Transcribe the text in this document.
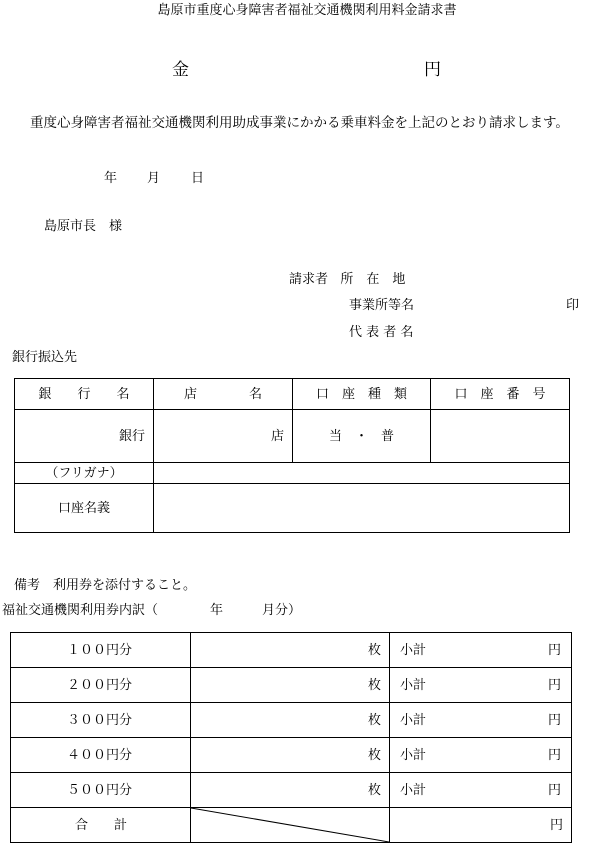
島原市重度心身障害者福祉交通機関利用料金請求書
金	円
重度心身障害者福祉交通機関利用助成事業にかかる乗車料金を上記のとおり請求します。
年 月 日
島原市長　様
請求者 所　在　地
事業所等名	印
代 表 者 名
銀行振込先
銀　　行　　名	店　　　　名	口　座　種　類	口　座　番　号
銀行	店	当　・　普	
（フリガナ）			
口座名義			
備考　利用券を添付すること。
福祉交通機関利用券内訳（　　　　年　　　月分）
１００円分	枚	小計 円

２００円分	枚	小計 円

３００円分	枚	小計 円

４００円分	枚	小計 円

５００円分	枚	小計 円

合　　計		円
